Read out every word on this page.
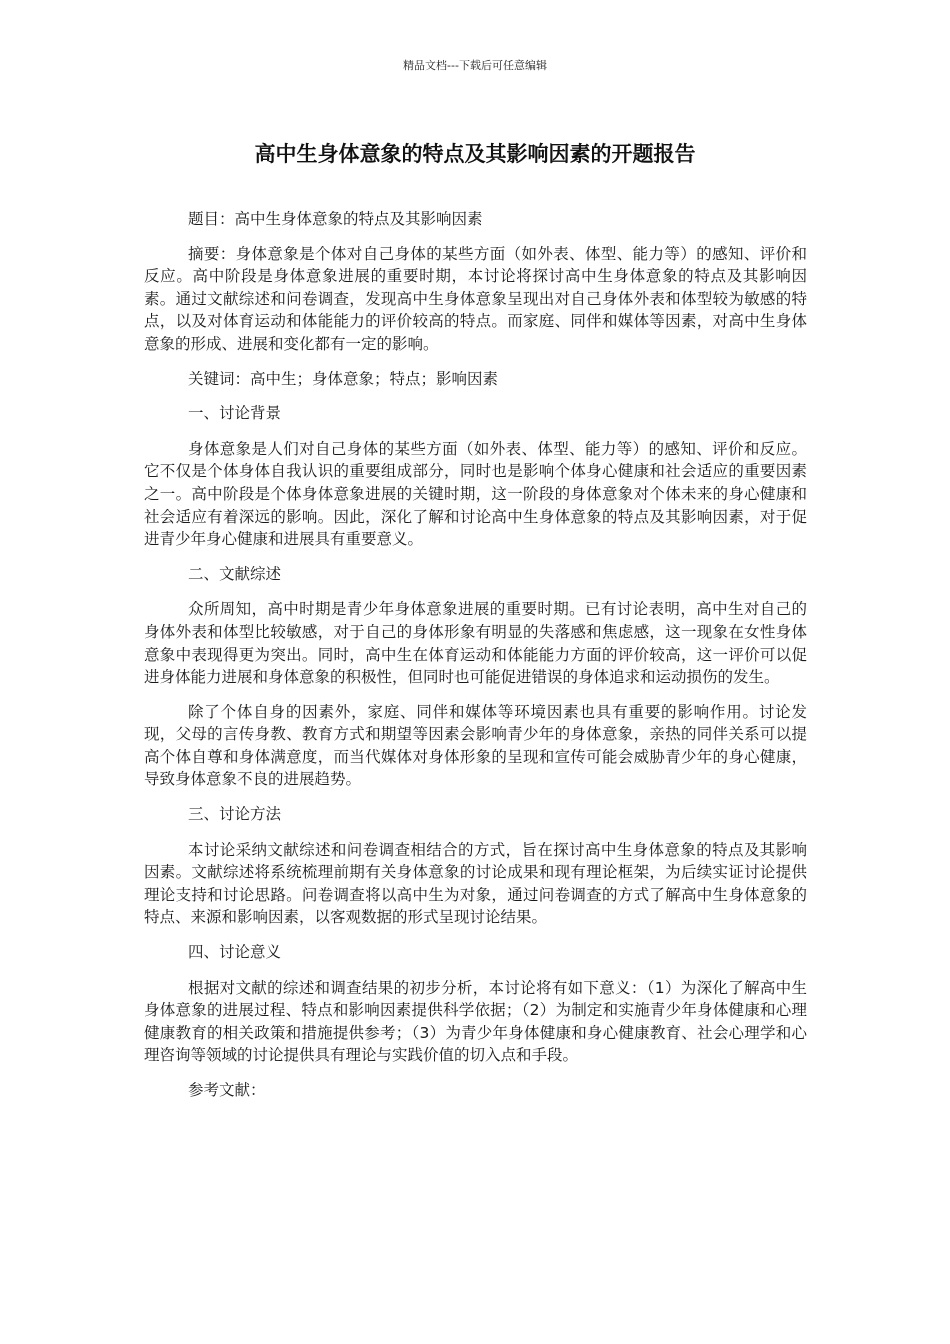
精品文档---下载后可任意编辑
高中生身体意象的特点及其影响因素的开题报告

题目：高中生身体意象的特点及其影响因素

摘要：身体意象是个体对自己身体的某些方面（如外表、体型、能力等）的感知、评价和反应。高中阶段是身体意象进展的重要时期，本讨论将探讨高中生身体意象的特点及其影响因素。通过文献综述和问卷调查，发现高中生身体意象呈现出对自己身体外表和体型较为敏感的特点，以及对体育运动和体能能力的评价较高的特点。而家庭、同伴和媒体等因素，对高中生身体意象的形成、进展和变化都有一定的影响。

关键词：高中生；身体意象；特点；影响因素

一、讨论背景

身体意象是人们对自己身体的某些方面（如外表、体型、能力等）的感知、评价和反应。它不仅是个体身体自我认识的重要组成部分，同时也是影响个体身心健康和社会适应的重要因素之一。高中阶段是个体身体意象进展的关键时期，这一阶段的身体意象对个体未来的身心健康和社会适应有着深远的影响。因此，深化了解和讨论高中生身体意象的特点及其影响因素，对于促进青少年身心健康和进展具有重要意义。

二、文献综述

众所周知，高中时期是青少年身体意象进展的重要时期。已有讨论表明，高中生对自己的身体外表和体型比较敏感，对于自己的身体形象有明显的失落感和焦虑感，这一现象在女性身体意象中表现得更为突出。同时，高中生在体育运动和体能能力方面的评价较高，这一评价可以促进身体能力进展和身体意象的积极性，但同时也可能促进错误的身体追求和运动损伤的发生。

除了个体自身的因素外，家庭、同伴和媒体等环境因素也具有重要的影响作用。讨论发现，父母的言传身教、教育方式和期望等因素会影响青少年的身体意象，亲热的同伴关系可以提高个体自尊和身体满意度，而当代媒体对身体形象的呈现和宣传可能会威胁青少年的身心健康，导致身体意象不良的进展趋势。

三、讨论方法

本讨论采纳文献综述和问卷调查相结合的方式，旨在探讨高中生身体意象的特点及其影响因素。文献综述将系统梳理前期有关身体意象的讨论成果和现有理论框架，为后续实证讨论提供理论支持和讨论思路。问卷调查将以高中生为对象，通过问卷调查的方式了解高中生身体意象的特点、来源和影响因素，以客观数据的形式呈现讨论结果。

四、讨论意义

根据对文献的综述和调查结果的初步分析，本讨论将有如下意义：（1）为深化了解高中生身体意象的进展过程、特点和影响因素提供科学依据；（2）为制定和实施青少年身体健康和心理健康教育的相关政策和措施提供参考；（3）为青少年身体健康和身心健康教育、社会心理学和心理咨询等领域的讨论提供具有理论与实践价值的切入点和手段。

参考文献：
